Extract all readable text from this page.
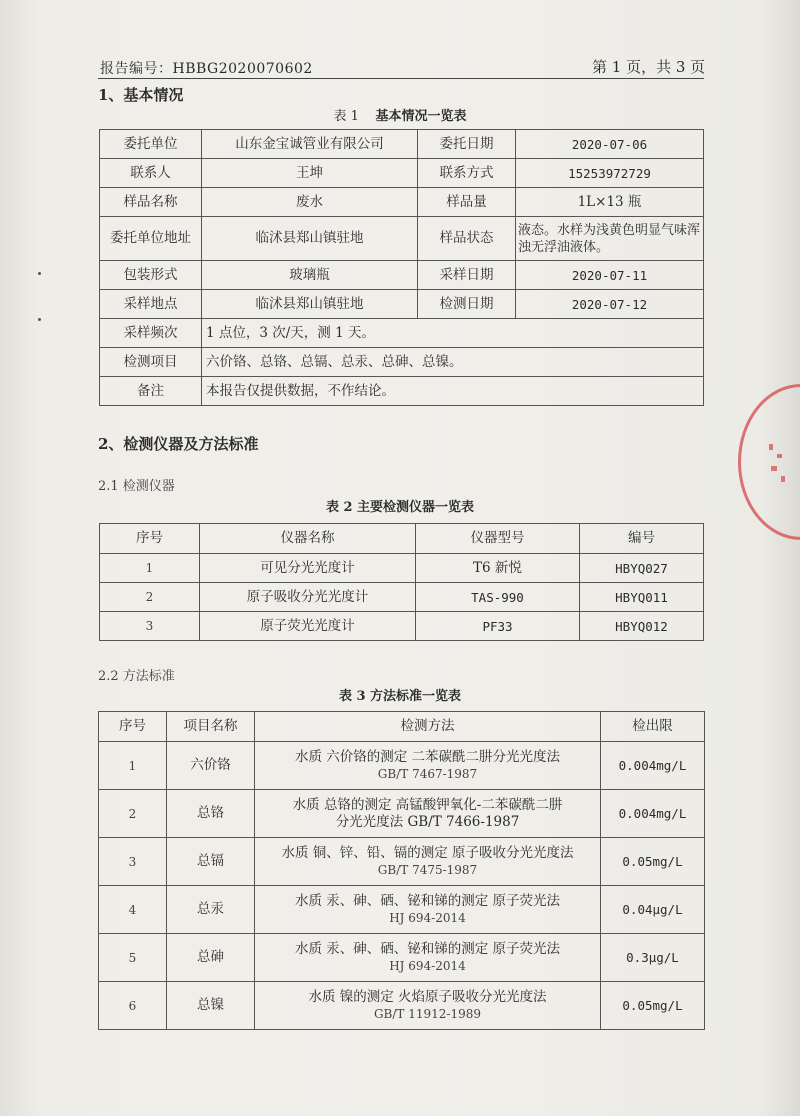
报告编号：HBBG2020070602	第 1 页，共 3 页
1、基本情况
表 1 基本情况一览表
委托单位	山东金宝诚管业有限公司	委托日期	2020-07-06
联系人	王坤	联系方式	15253972729
样品名称	废水	样品量	1L×13 瓶
委托单位地址	临沭县郑山镇驻地	样品状态	液态。水样为浅黄色明显气味浑浊无浮油液体。
包装形式	玻璃瓶	采样日期	2020-07-11
采样地点	临沭县郑山镇驻地	检测日期	2020-07-12
采样频次	1 点位，3 次/天，测 1 天。		
检测项目	六价铬、总铬、总镉、总汞、总砷、总镍。		
备注	本报告仅提供数据，不作结论。		
2、检测仪器及方法标准
2.1 检测仪器
表 2 主要检测仪器一览表
序号	仪器名称	仪器型号	编号
1	可见分光光度计	T6 新悦	HBYQ027
2	原子吸收分光光度计	TAS-990	HBYQ011
3	原子荧光光度计	PF33	HBYQ012
2.2 方法标准
表 3 方法标准一览表
序号	项目名称	检测方法	检出限
1	六价铬	水质 六价铬的测定 二苯碳酰二肼分光光度法
GB/T 7467-1987	0.004mg/L
2	总铬	水质 总铬的测定 高锰酸钾氧化-二苯碳酰二肼
分光光度法 GB/T 7466-1987	0.004mg/L
3	总镉	水质 铜、锌、铅、镉的测定 原子吸收分光光度法
GB/T 7475-1987	0.05mg/L
4	总汞	水质 汞、砷、硒、铋和锑的测定 原子荧光法
HJ 694-2014	0.04μg/L
5	总砷	水质 汞、砷、硒、铋和锑的测定 原子荧光法
HJ 694-2014	0.3μg/L
6	总镍	水质 镍的测定 火焰原子吸收分光光度法
GB/T 11912-1989	0.05mg/L
